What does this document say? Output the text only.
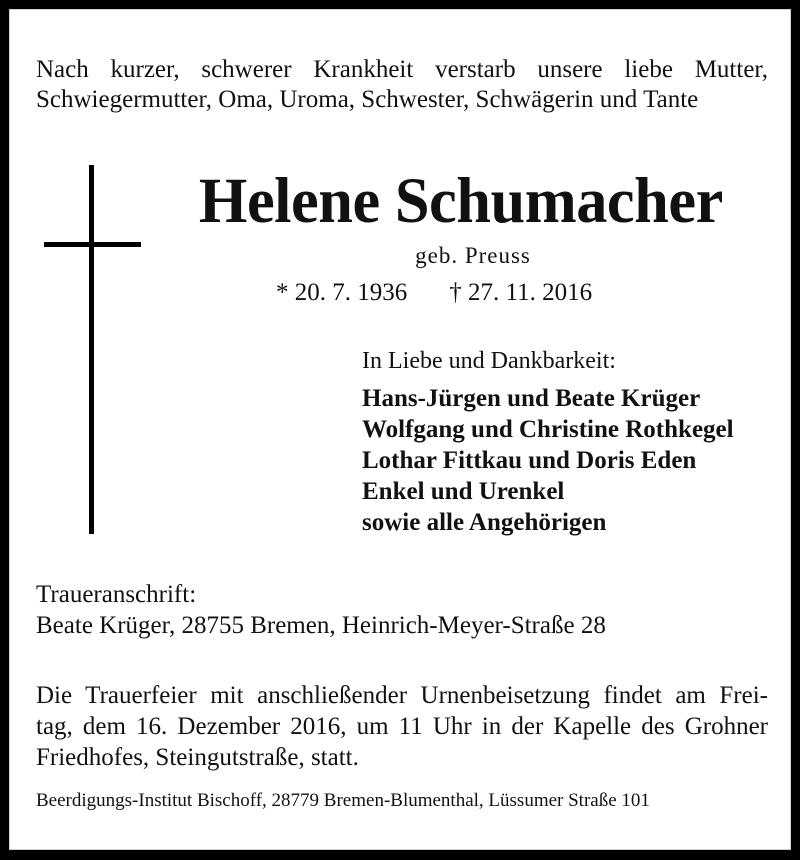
Nach kurzer, schwerer Krankheit verstarb unsere liebe Mutter,
Schwiegermutter, Oma, Uroma, Schwester, Schwägerin und Tante
Helene Schumacher
geb. Preuss
* 20. 7. 1936 † 27. 11. 2016
In Liebe und Dankbarkeit:
Hans-Jürgen und Beate Krüger
Wolfgang und Christine Rothkegel
Lothar Fittkau und Doris Eden
Enkel und Urenkel
sowie alle Angehörigen
Traueranschrift:
Beate Krüger, 28755 Bremen, Heinrich-Meyer-Straße 28
Die Trauerfeier mit anschließender Urnenbeisetzung findet am Frei-
tag, dem 16. Dezember 2016, um 11 Uhr in der Kapelle des Grohner
Friedhofes, Steingutstraße, statt.
Beerdigungs-Institut Bischoff, 28779 Bremen-Blumenthal, Lüssumer Straße 101
